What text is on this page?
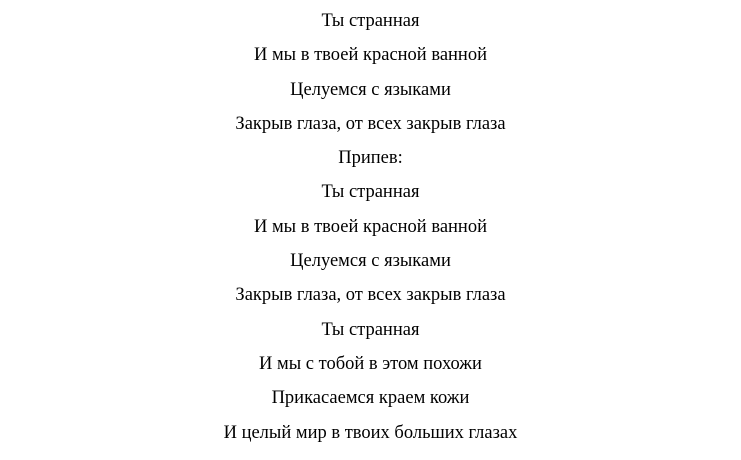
Ты странная
И мы в твоей красной ванной
Целуемся с языками
Закрыв глаза, от всех закрыв глаза
Припев:
Ты странная
И мы в твоей красной ванной
Целуемся с языками
Закрыв глаза, от всех закрыв глаза
Ты странная
И мы с тобой в этом похожи
Прикасаемся краем кожи
И целый мир в твоих больших глазах
